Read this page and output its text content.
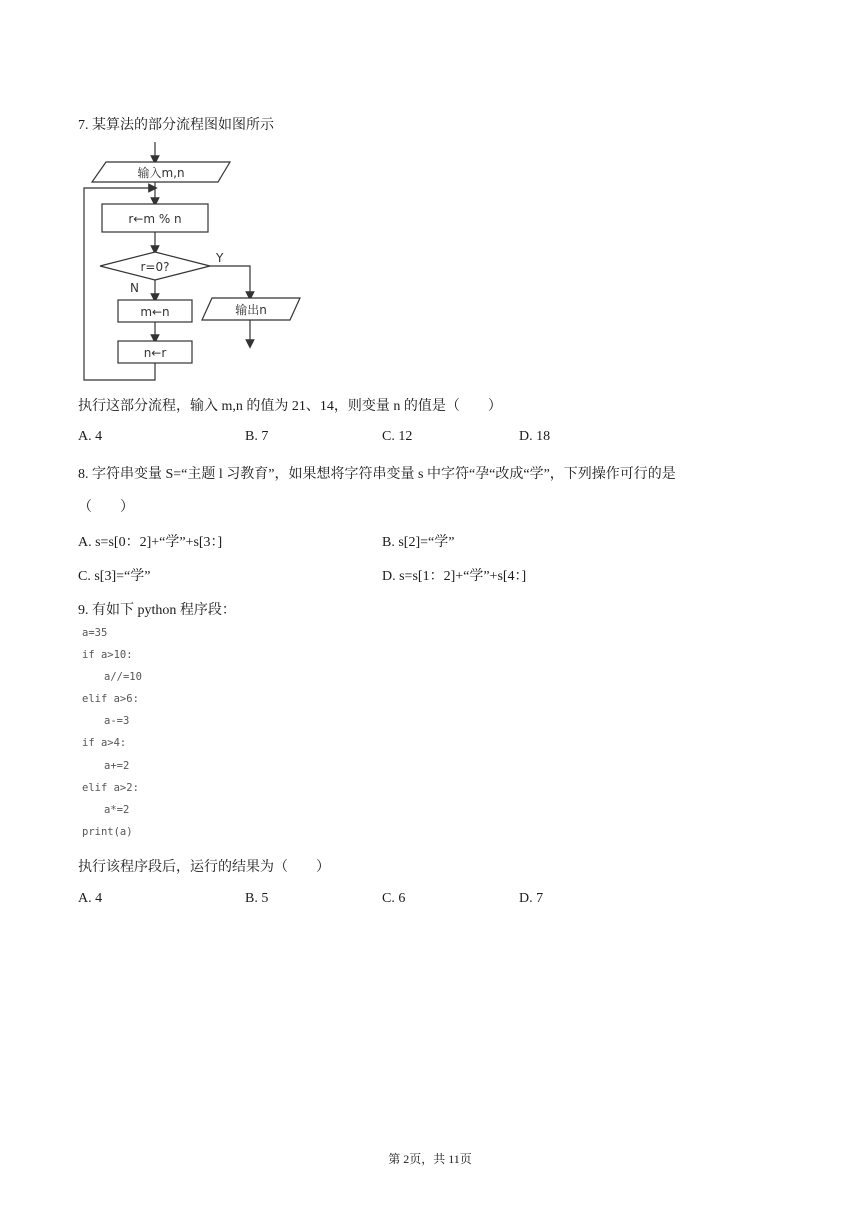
7. 某算法的部分流程图如图所示
输入m,n
r←m % n
r=0?
Y
N
m←n
n←r
输出n
执行这部分流程，输入 m,n 的值为 21、14，则变量 n 的值是（　　）
A. 4	B. 7	C. 12	D. 18
8. 字符串变量 S=“主题 l 习教育”，如果想将字符串变量 s 中字符“孕“改成“学”，下列操作可行的是
（　　）
A. s=s[0：2]+“学”+s[3：]	B. s[2]=“学”
C. s[3]=“学”	D. s=s[1：2]+“学”+s[4：]
9. 有如下 python 程序段：
a=35
if a>10:
a//=10
elif a>6:
a-=3
if a>4:
a+=2
elif a>2:
a*=2
print(a)
执行该程序段后，运行的结果为（　　）
A. 4	B. 5	C. 6	D. 7
第 2页，共 11页
